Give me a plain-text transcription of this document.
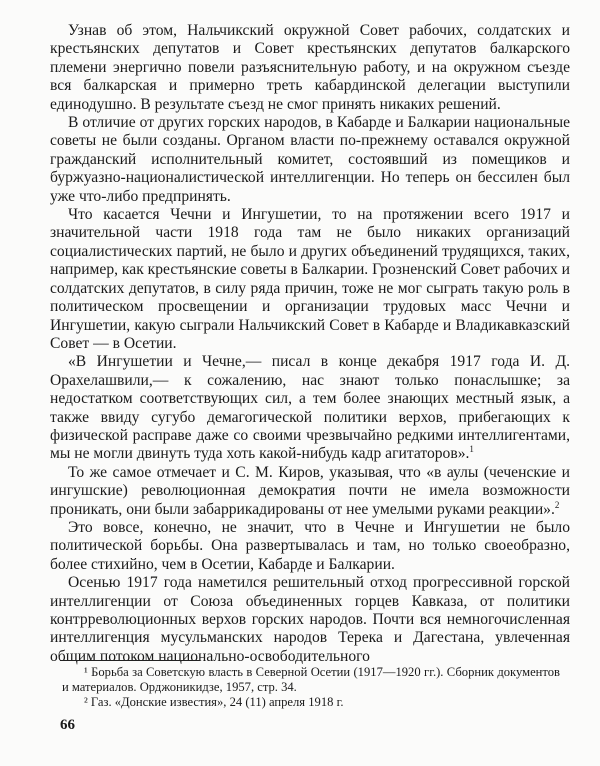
Узнав об этом, Нальчикский окружной Совет рабочих, солдатских и крестьянских депутатов и Совет крестьянских депутатов балкарского племени энергично повели разъяснительную работу, и на окружном съезде вся балкарская и примерно треть кабардинской делегации выступили единодушно. В результате съезд не смог принять никаких решений.

В отличие от других горских народов, в Кабарде и Балкарии национальные советы не были созданы. Органом власти по-прежнему оставался окружной гражданский исполнительный комитет, состоявший из помещиков и буржуазно-националистической интеллигенции. Но теперь он бессилен был уже что-либо предпринять.

Что касается Чечни и Ингушетии, то на протяжении всего 1917 и значительной части 1918 года там не было никаких организаций социалистических партий, не было и других объединений трудящихся, таких, например, как крестьянские советы в Балкарии. Грозненский Совет рабочих и солдатских депутатов, в силу ряда причин, тоже не мог сыграть такую роль в политическом просвещении и организации трудовых масс Чечни и Ингушетии, какую сыграли Нальчикский Совет в Кабарде и Владикавказский Совет — в Осетии.

«В Ингушетии и Чечне,— писал в конце декабря 1917 года И. Д. Орахелашвили,— к сожалению, нас знают только понаслышке; за недостатком соответствующих сил, а тем более знающих местный язык, а также ввиду сугубо демагогической политики верхов, прибегающих к физической расправе даже со своими чрезвычайно редкими интеллигентами, мы не могли двинуть туда хоть какой-нибудь кадр агитаторов».$^1$

То же самое отмечает и С. М. Киров, указывая, что «в аулы (чеченские и ингушские) революционная демократия почти не имела возможности проникать, они были забаррикадированы от нее умелыми руками реакции».$^2$

Это вовсе, конечно, не значит, что в Чечне и Ингушетии не было политической борьбы. Она развертывалась и там, но только своеобразно, более стихийно, чем в Осетии, Кабарде и Балкарии.

Осенью 1917 года наметился решительный отход прогрессивной горской интеллигенции от Союза объединенных горцев Кавказа, от политики контрреволюционных верхов горских народов. Почти вся немногочисленная интеллигенция мусульманских народов Терека и Дагестана, увлеченная общим потоком национально-освободительного

¹ Борьба за Советскую власть в Северной Осетии (1917—1920 гг.). Сборник документов и материалов. Орджоникидзе, 1957, стр. 34.

² Газ. «Донские известия», 24 (11) апреля 1918 г.

66
